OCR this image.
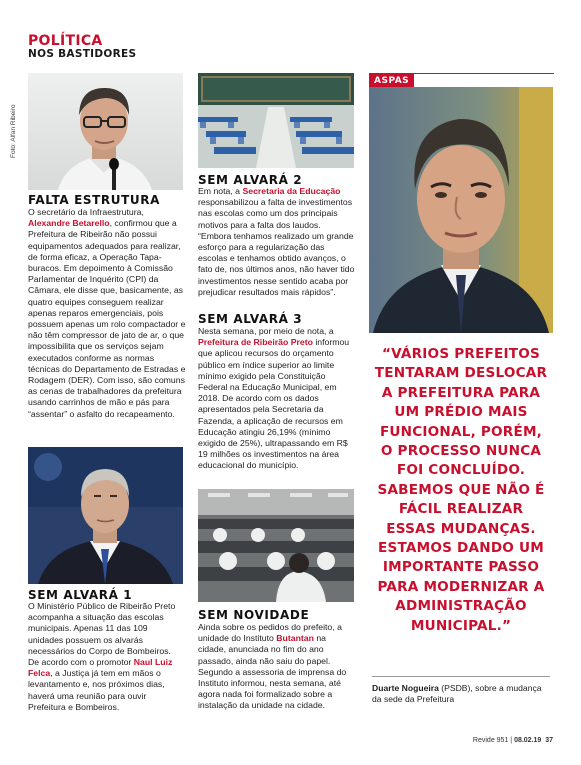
POLÍTICA
NOS BASTIDORES
Foto: Alfan Ribeiro
FALTA ESTRUTURA
O secretário da Infraestrutura, Alexandre Betarello, confirmou que a Prefeitura de Ribeirão não possui equipamentos adequados para realizar, de forma eficaz, a Operação Tapa-buracos. Em depoimento à Comissão Parlamentar de Inquérito (CPI) da Câmara, ele disse que, basicamente, as quatro equipes conseguem realizar apenas reparos emergenciais, pois possuem apenas um rolo compactador e não têm compressor de jato de ar, o que impossibilita que os serviços sejam executados conforme as normas técnicas do Departamento de Estradas e Rodagem (DER). Com isso, são comuns as cenas de trabalhadores da prefeitura usando carrinhos de mão e pás para “assentar” o asfalto do recapeamento.
SEM ALVARÁ 1
O Ministério Público de Ribeirão Preto acompanha a situação das escolas municipais. Apenas 11 das 109 unidades possuem os alvarás necessários do Corpo de Bombeiros. De acordo com o promotor Naul Luiz Felca, a Justiça já tem em mãos o levantamento e, nos próximos dias, haverá uma reunião para ouvir Prefeitura e Bombeiros.
SEM ALVARÁ 2
Em nota, a Secretaria da Educação responsabilizou a falta de investimentos nas escolas como um dos principais motivos para a falta dos laudos. “Embora tenhamos realizado um grande esforço para a regularização das escolas e tenhamos obtido avanços, o fato de, nos últimos anos, não haver tido investimentos nesse sentido acaba por prejudicar resultados mais rápidos”.
SEM ALVARÁ 3
Nesta semana, por meio de nota, a Prefeitura de Ribeirão Preto informou que aplicou recursos do orçamento público em índice superior ao limite mínimo exigido pela Constituição Federal na Educação Municipal, em 2018. De acordo com os dados apresentados pela Secretaria da Fazenda, a aplicação de recursos em Educação atingiu 26,19% (mínimo exigido de 25%), ultrapassando em R$ 19 milhões os investimentos na área educacional do município.
SEM NOVIDADE
Ainda sobre os pedidos do prefeito, a unidade do Instituto Butantan na cidade, anunciada no fim do ano passado, ainda não saiu do papel. Segundo a assessoria de imprensa do Instituto informou, nesta semana, até agora nada foi formalizado sobre a instalação da unidade na cidade.
ASPAS
“VÁRIOS PREFEITOS TENTARAM DESLOCAR A PREFEITURA PARA UM PRÉDIO MAIS FUNCIONAL, PORÉM, O PROCESSO NUNCA FOI CONCLUÍDO. SABEMOS QUE NÃO É FÁCIL REALIZAR ESSAS MUDANÇAS. ESTAMOS DANDO UM IMPORTANTE PASSO PARA MODERNIZAR A ADMINISTRAÇÃO MUNICIPAL.”
Duarte Nogueira (PSDB), sobre a mudança da sede da Prefeitura
Revide 951 | 08.02.19 37
